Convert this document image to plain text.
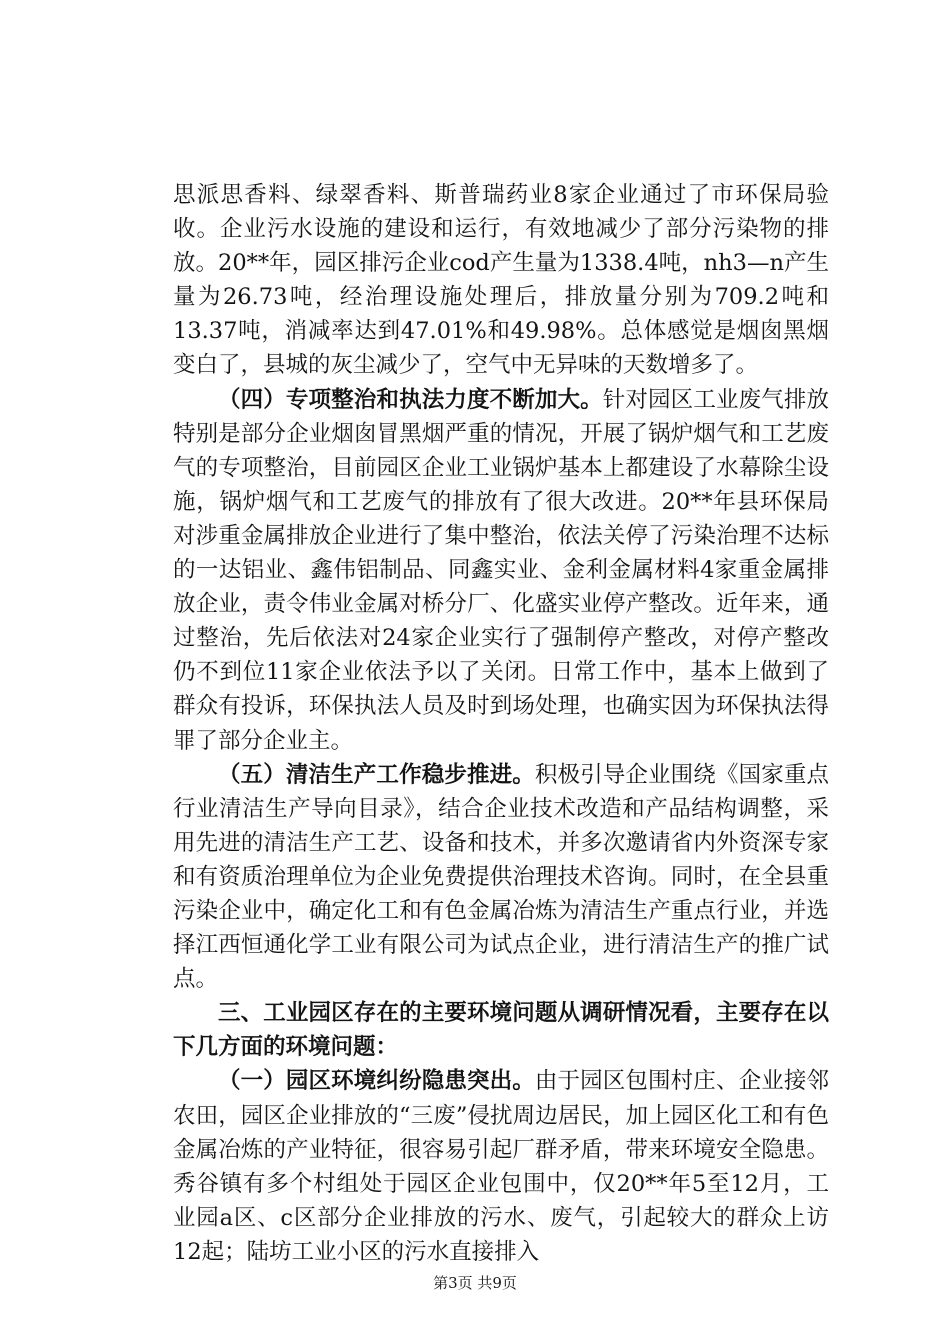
思派思香料、绿翠香料、斯普瑞药业8家企业通过了市环保局验收。企业污水设施的建设和运行，有效地减少了部分污染物的排放。20**年，园区排污企业cod产生量为1338.4吨，nh3—n产生量为26.73吨，经治理设施处理后，排放量分别为709.2吨和13.37吨，消减率达到47.01%和49.98%。总体感觉是烟囱黑烟变白了，县城的灰尘减少了，空气中无异味的天数增多了。

（四）专项整治和执法力度不断加大。针对园区工业废气排放特别是部分企业烟囱冒黑烟严重的情况，开展了锅炉烟气和工艺废气的专项整治，目前园区企业工业锅炉基本上都建设了水幕除尘设施，锅炉烟气和工艺废气的排放有了很大改进。20**年县环保局对涉重金属排放企业进行了集中整治，依法关停了污染治理不达标的一达铝业、鑫伟铝制品、同鑫实业、金利金属材料4家重金属排放企业，责令伟业金属对桥分厂、化盛实业停产整改。近年来，通过整治，先后依法对24家企业实行了强制停产整改，对停产整改仍不到位11家企业依法予以了关闭。日常工作中，基本上做到了群众有投诉，环保执法人员及时到场处理，也确实因为环保执法得罪了部分企业主。

（五）清洁生产工作稳步推进。积极引导企业围绕《国家重点行业清洁生产导向目录》，结合企业技术改造和产品结构调整，采用先进的清洁生产工艺、设备和技术，并多次邀请省内外资深专家和有资质治理单位为企业免费提供治理技术咨询。同时，在全县重污染企业中，确定化工和有色金属冶炼为清洁生产重点行业，并选择江西恒通化学工业有限公司为试点企业，进行清洁生产的推广试点。

三、工业园区存在的主要环境问题从调研情况看，主要存在以下几方面的环境问题：

（一）园区环境纠纷隐患突出。由于园区包围村庄、企业接邻农田，园区企业排放的“三废”侵扰周边居民，加上园区化工和有色金属冶炼的产业特征，很容易引起厂群矛盾，带来环境安全隐患。秀谷镇有多个村组处于园区企业包围中，仅20**年5至12月，工业园a区、c区部分企业排放的污水、废气，引起较大的群众上访12起；陆坊工业小区的污水直接排入

第3页 共9页
